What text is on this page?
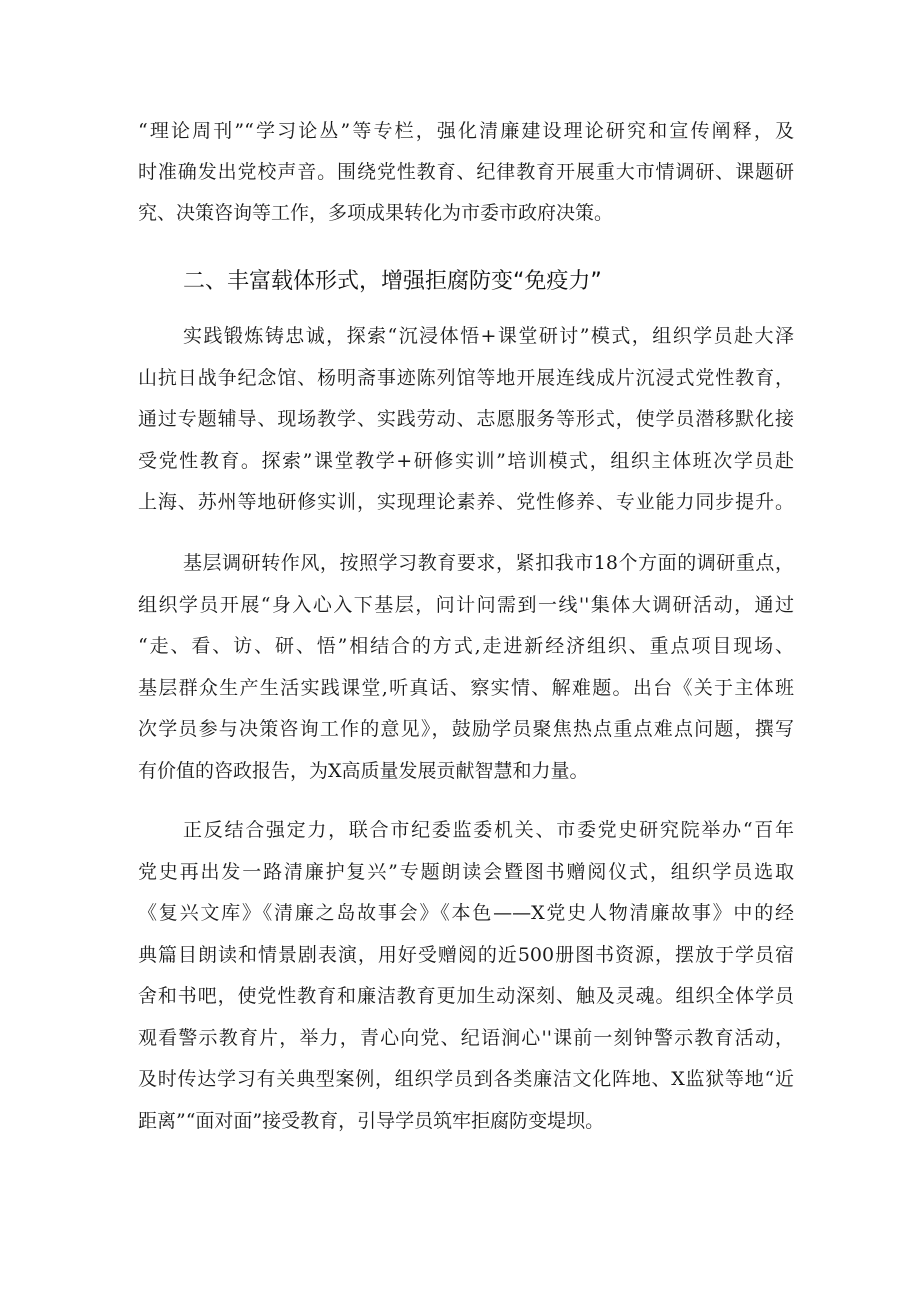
“理论周刊”“学习论丛”等专栏，强化清廉建设理论研究和宣传阐释，及
时准确发出党校声音。围绕党性教育、纪律教育开展重大市情调研、课题研
究、决策咨询等工作，多项成果转化为市委市政府决策。
二、丰富载体形式，增强拒腐防变“免疫力”
实践锻炼铸忠诚，探索“沉浸体悟+课堂研讨”模式，组织学员赴大泽
山抗日战争纪念馆、杨明斋事迹陈列馆等地开展连线成片沉浸式党性教育，
通过专题辅导、现场教学、实践劳动、志愿服务等形式，使学员潜移默化接
受党性教育。探索”课堂教学+研修实训”培训模式，组织主体班次学员赴
上海、苏州等地研修实训，实现理论素养、党性修养、专业能力同步提升。
基层调研转作风，按照学习教育要求，紧扣我市18个方面的调研重点，
组织学员开展“身入心入下基层，问计问需到一线''集体大调研活动，通过
“走、看、访、研、悟”相结合的方式,走进新经济组织、重点项目现场、
基层群众生产生活实践课堂,听真话、察实情、解难题。出台《关于主体班
次学员参与决策咨询工作的意见》，鼓励学员聚焦热点重点难点问题，撰写
有价值的咨政报告，为X高质量发展贡献智慧和力量。
正反结合强定力，联合市纪委监委机关、市委党史研究院举办“百年
党史再出发一路清廉护复兴”专题朗读会暨图书赠阅仪式，组织学员选取
《复兴文库》《清廉之岛故事会》《本色——X党史人物清廉故事》中的经
典篇目朗读和情景剧表演，用好受赠阅的近500册图书资源，摆放于学员宿
舍和书吧，使党性教育和廉洁教育更加生动深刻、触及灵魂。组织全体学员
观看警示教育片，举力，青心向党、纪语涧心''课前一刻钟警示教育活动，
及时传达学习有关典型案例，组织学员到各类廉洁文化阵地、X监狱等地“近
距离”“面对面”接受教育，引导学员筑牢拒腐防变堤坝。
